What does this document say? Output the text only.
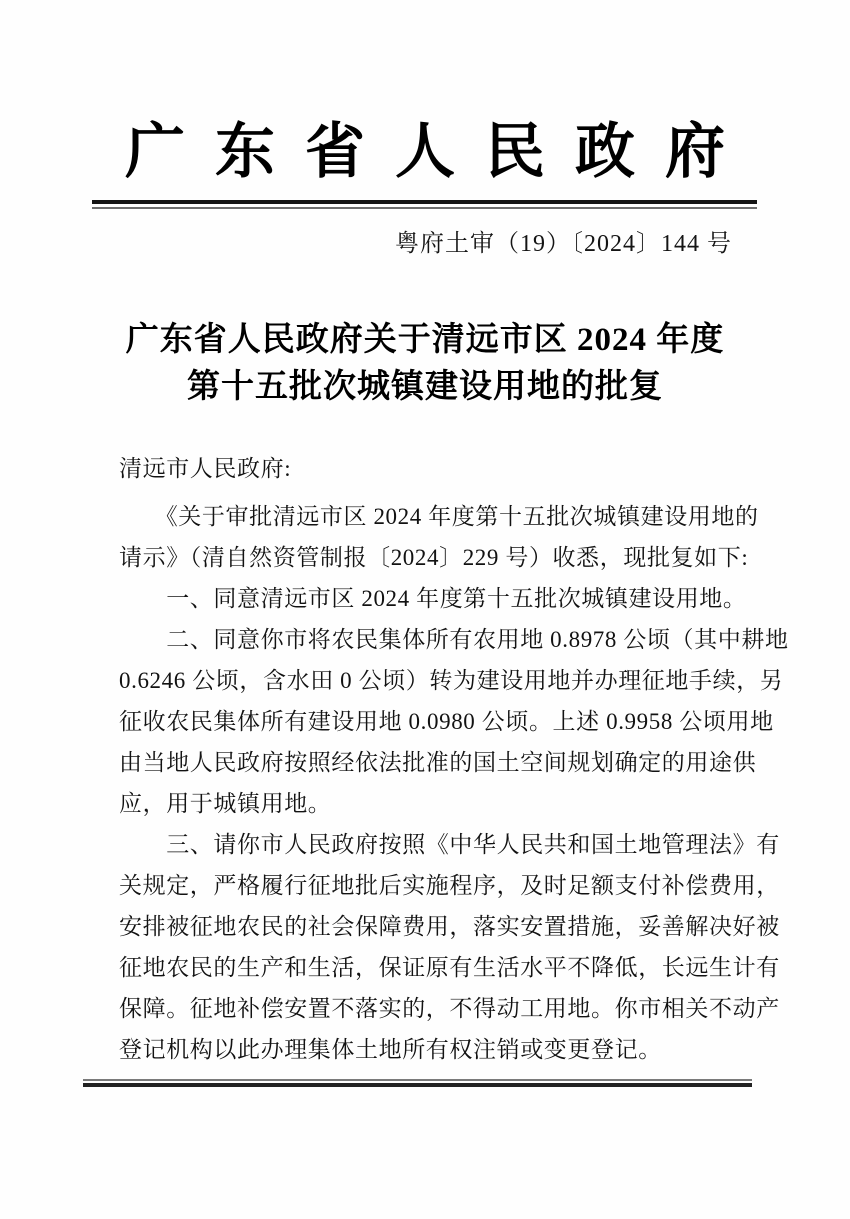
广东省人民政府
粤府土审（19）〔2024〕144 号
广东省人民政府关于清远市区 2024 年度
第十五批次城镇建设用地的批复
清远市人民政府:
　　《关于审批清远市区 2024 年度第十五批次城镇建设用地的
请示》（清自然资管制报〔2024〕229 号）收悉，现批复如下:
　　一、同意清远市区 2024 年度第十五批次城镇建设用地。
　　二、同意你市将农民集体所有农用地 0.8978 公顷（其中耕地
0.6246 公顷，含水田 0 公顷）转为建设用地并办理征地手续，另
征收农民集体所有建设用地 0.0980 公顷。上述 0.9958 公顷用地
由当地人民政府按照经依法批准的国土空间规划确定的用途供
应，用于城镇用地。
　　三、请你市人民政府按照《中华人民共和国土地管理法》有
关规定，严格履行征地批后实施程序，及时足额支付补偿费用，
安排被征地农民的社会保障费用，落实安置措施，妥善解决好被
征地农民的生产和生活，保证原有生活水平不降低，长远生计有
保障。征地补偿安置不落实的，不得动工用地。你市相关不动产
登记机构以此办理集体土地所有权注销或变更登记。
